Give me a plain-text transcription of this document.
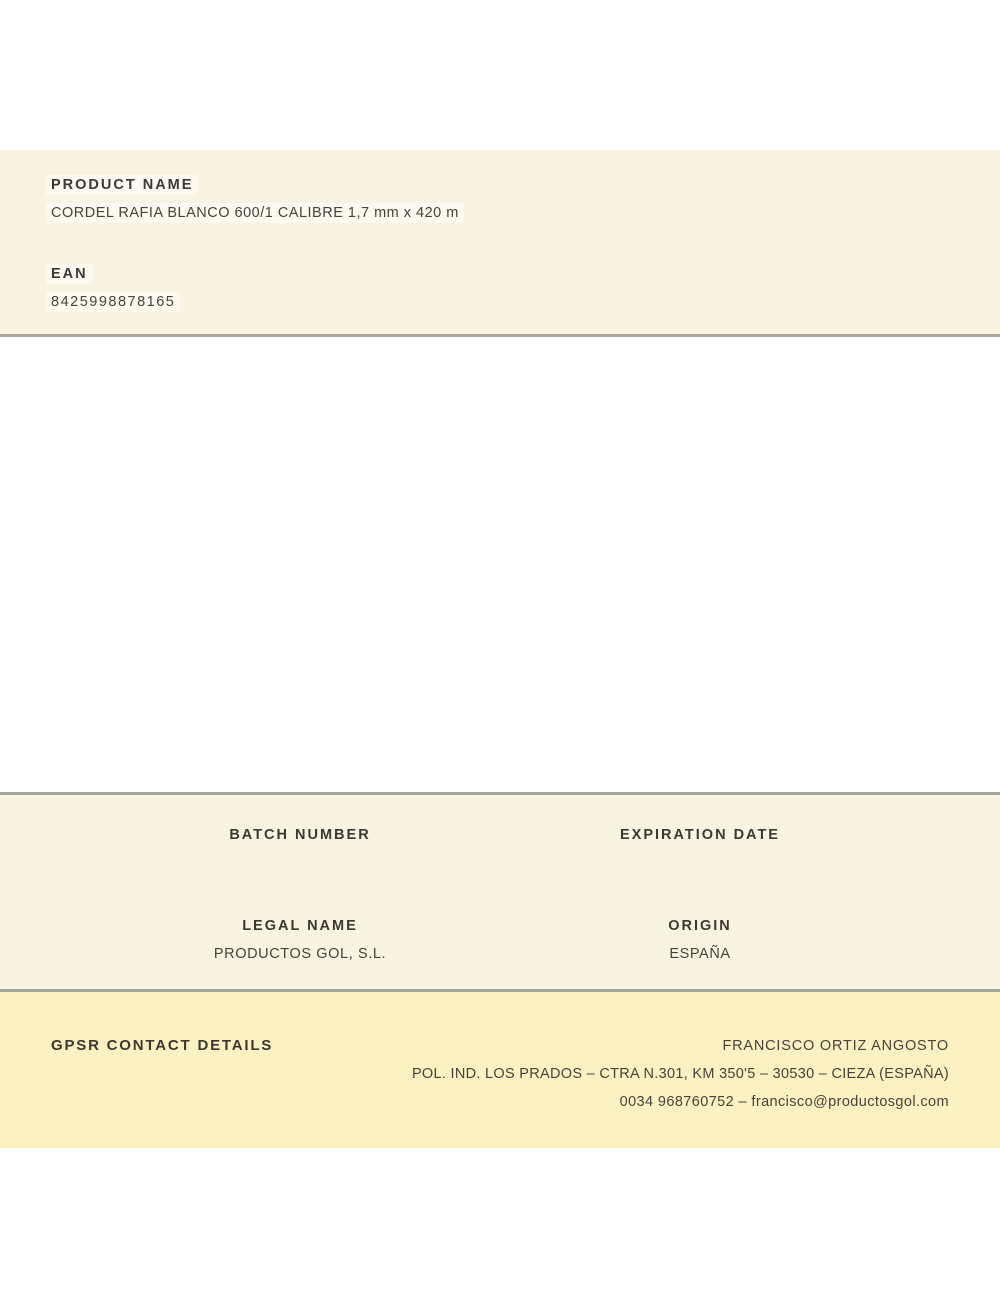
PRODUCT NAME
CORDEL RAFIA BLANCO 600/1 CALIBRE 1,7 mm x 420 m
EAN
8425998878165
BATCH NUMBER
LEGAL NAME
PRODUCTOS GOL, S.L.
EXPIRATION DATE
ORIGIN
ESPAÑA
GPSR CONTACT DETAILS	FRANCISCO ORTIZ ANGOSTO
POL. IND. LOS PRADOS – CTRA N.301, KM 350'5 – 30530 – CIEZA (ESPAÑA)
0034 968760752 – francisco@productosgol.com
